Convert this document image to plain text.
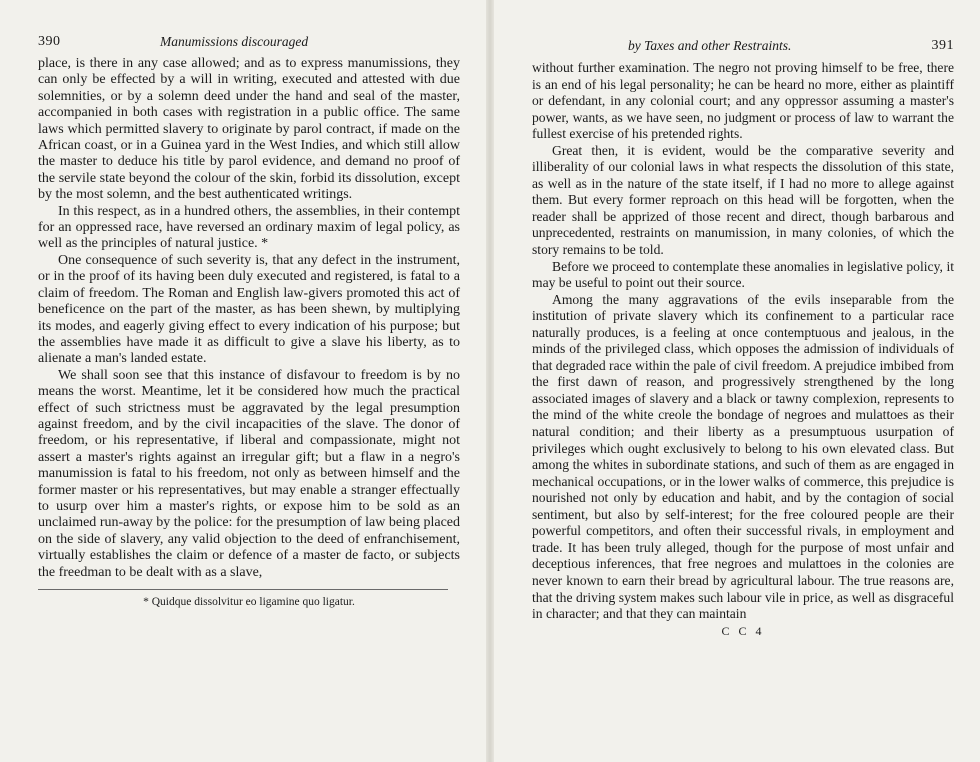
390	Manumissions discouraged

place, is there in any case allowed; and as to express manumissions, they can only be effected by a will in writing, executed and attested with due solemnities, or by a solemn deed under the hand and seal of the master, accompanied in both cases with registration in a public office. The same laws which permitted slavery to originate by parol contract, if made on the African coast, or in a Guinea yard in the West Indies, and which still allow the master to deduce his title by parol evidence, and demand no proof of the servile state beyond the colour of the skin, forbid its dissolution, except by the most solemn, and the best authenticated writings.

In this respect, as in a hundred others, the assemblies, in their contempt for an oppressed race, have reversed an ordinary maxim of legal policy, as well as the principles of natural justice. *

One consequence of such severity is, that any defect in the instrument, or in the proof of its having been duly executed and registered, is fatal to a claim of freedom. The Roman and English law-givers promoted this act of beneficence on the part of the master, as has been shewn, by multiplying its modes, and eagerly giving effect to every indication of his purpose; but the assemblies have made it as difficult to give a slave his liberty, as to alienate a man's landed estate.

We shall soon see that this instance of disfavour to freedom is by no means the worst. Meantime, let it be considered how much the practical effect of such strictness must be aggravated by the legal presumption against freedom, and by the civil incapacities of the slave. The donor of freedom, or his representative, if liberal and compassionate, might not assert a master's rights against an irregular gift; but a flaw in a negro's manumission is fatal to his freedom, not only as between himself and the former master or his representatives, but may enable a stranger effectually to usurp over him a master's rights, or expose him to be sold as an unclaimed run-away by the police: for the presumption of law being placed on the side of slavery, any valid objection to the deed of enfranchisement, virtually establishes the claim or defence of a master de facto, or subjects the freedman to be dealt with as a slave,

* Quidque dissolvitur eo ligamine quo ligatur.
by Taxes and other Restraints.	391

without further examination. The negro not proving himself to be free, there is an end of his legal personality; he can be heard no more, either as plaintiff or defendant, in any colonial court; and any oppressor assuming a master's power, wants, as we have seen, no judgment or process of law to warrant the fullest exercise of his pretended rights.

Great then, it is evident, would be the comparative severity and illiberality of our colonial laws in what respects the dissolution of this state, as well as in the nature of the state itself, if I had no more to allege against them. But every former reproach on this head will be forgotten, when the reader shall be apprized of those recent and direct, though barbarous and unprecedented, restraints on manumission, in many colonies, of which the story remains to be told.

Before we proceed to contemplate these anomalies in legislative policy, it may be useful to point out their source.

Among the many aggravations of the evils inseparable from the institution of private slavery which its confinement to a particular race naturally produces, is a feeling at once contemptuous and jealous, in the minds of the privileged class, which opposes the admission of individuals of that degraded race within the pale of civil freedom. A prejudice imbibed from the first dawn of reason, and progressively strengthened by the long associated images of slavery and a black or tawny complexion, represents to the mind of the white creole the bondage of negroes and mulattoes as their natural condition; and their liberty as a presumptuous usurpation of privileges which ought exclusively to belong to his own elevated class. But among the whites in subordinate stations, and such of them as are engaged in mechanical occupations, or in the lower walks of commerce, this prejudice is nourished not only by education and habit, and by the contagion of social sentiment, but also by self-interest; for the free coloured people are their powerful competitors, and often their successful rivals, in employment and trade. It has been truly alleged, though for the purpose of most unfair and deceptious inferences, that free negroes and mulattoes in the colonies are never known to earn their bread by agricultural labour. The true reasons are, that the driving system makes such labour vile in price, as well as disgraceful in character; and that they can maintain

C C 4
